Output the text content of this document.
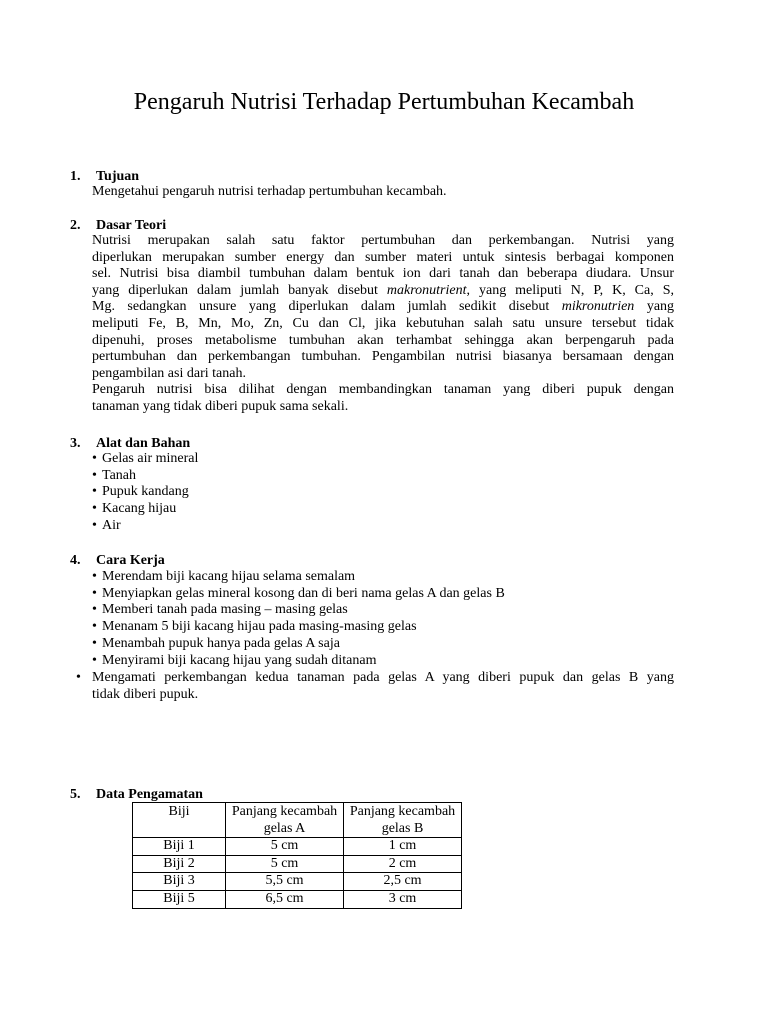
Pengaruh Nutrisi Terhadap Pertumbuhan Kecambah
1. Tujuan

Mengetahui pengaruh nutrisi terhadap pertumbuhan kecambah.

2. Dasar Teori
Nutrisi merupakan salah satu faktor pertumbuhan dan perkembangan. Nutrisi yang
diperlukan merupakan sumber energy dan sumber materi untuk sintesis berbagai komponen
sel. Nutrisi bisa diambil tumbuhan dalam bentuk ion dari tanah dan beberapa diudara. Unsur
yang diperlukan dalam jumlah banyak disebut makronutrient, yang meliputi N, P, K, Ca, S,
Mg. sedangkan unsure yang diperlukan dalam jumlah sedikit disebut mikronutrien yang
meliputi Fe, B, Mn, Mo, Zn, Cu dan Cl, jika kebutuhan salah satu unsure tersebut tidak
dipenuhi, proses metabolisme tumbuhan akan terhambat sehingga akan berpengaruh pada
pertumbuhan dan perkembangan tumbuhan. Pengambilan nutrisi biasanya bersamaan dengan
pengambilan asi dari tanah.
Pengaruh nutrisi bisa dilihat dengan membandingkan tanaman yang diberi pupuk dengan
tanaman yang tidak diberi pupuk sama sekali.
3. Alat dan Bahan
• Gelas air mineral
• Tanah
• Pupuk kandang
• Kacang hijau
• Air
4. Cara Kerja
• Merendam biji kacang hijau selama semalam
• Menyiapkan gelas mineral kosong dan di beri nama gelas A dan gelas B
• Memberi tanah pada masing – masing gelas
• Menanam 5 biji kacang hijau pada masing-masing gelas
• Menambah pupuk hanya pada gelas A saja
• Menyirami biji kacang hijau yang sudah ditanam
• Mengamati perkembangan kedua tanaman pada gelas A yang diberi pupuk dan gelas B yang
tidak diberi pupuk.
5. Data Pengamatan
Biji	Panjang kecambah gelas A	Panjang kecambah gelas B
Biji 1	5 cm	1 cm
Biji 2	5 cm	2 cm
Biji 3	5,5 cm	2,5 cm
Biji 5	6,5 cm	3 cm
